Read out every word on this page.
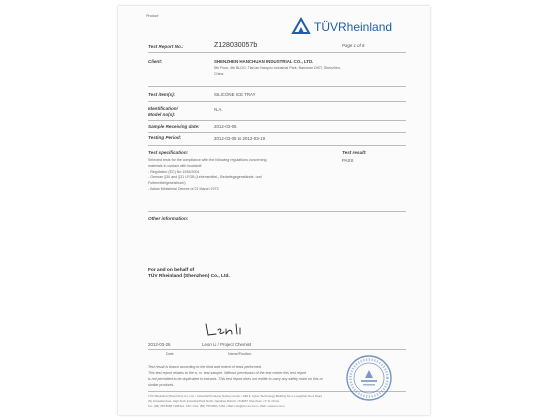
Product
TÜVRheinland
Test Report No.:	Z128030057b	Page 1 of 6
Client:	SHENZHEN HANCHUAN INDUSTRIAL CO., LTD.
5th Floor, 4th BLDG, Tian'an Nanyou Industrial Park, Nanshan DIST, Shenzhen,
China
Test item(s):	SILICONE ICE TRAY
Identification/
Model no(s):
N.A.
Sample Receiving date:	2012-03-05
Testing Period:	2012-03-05 to 2012-03-19
Test specification:	Test result:
PASS
Selected tests for the compliance with the following regulations concerning
materials in contact with foodstuff:
- Regulation (EC) No 1935/2004
- German §30 and §31 LFGB (Lebensmittel-, Bedarfsgegenstände- und
Futtermittelgesetzbuch)
- Italian Ministerial Decree of 21 March 1973
Other information:
For and on behalf of
TÜV Rheinland (Shenzhen) Co., Ltd.
2012-03-26	Leon Li / Project Chemist
Date	Name/Position
Test result is drawn according to the kind and extent of tests performed.
This test report relates to the a. m. test sample. Without permission of the test center this test report
is not permitted to be duplicated in extracts. This test report does not entitle to carry any safety mark on this or
similar products.
TÜV Rheinland (Shenzhen) Co. Ltd. • Industrial Products Testing Center • 6&8 F, Cyber Technology Building No.1, Langshan No.2 Road
(N) Industrial Area, High-Tech Industrial Park North, Nanshan District • 518057 Shenzhen • P. R. China
Tel.: (86) 755 8268 7188 Ext. 122 • Fax: (86) 755 8601 7152 • Mail: info@shn.tuv.com • Web: www.tuv.com
